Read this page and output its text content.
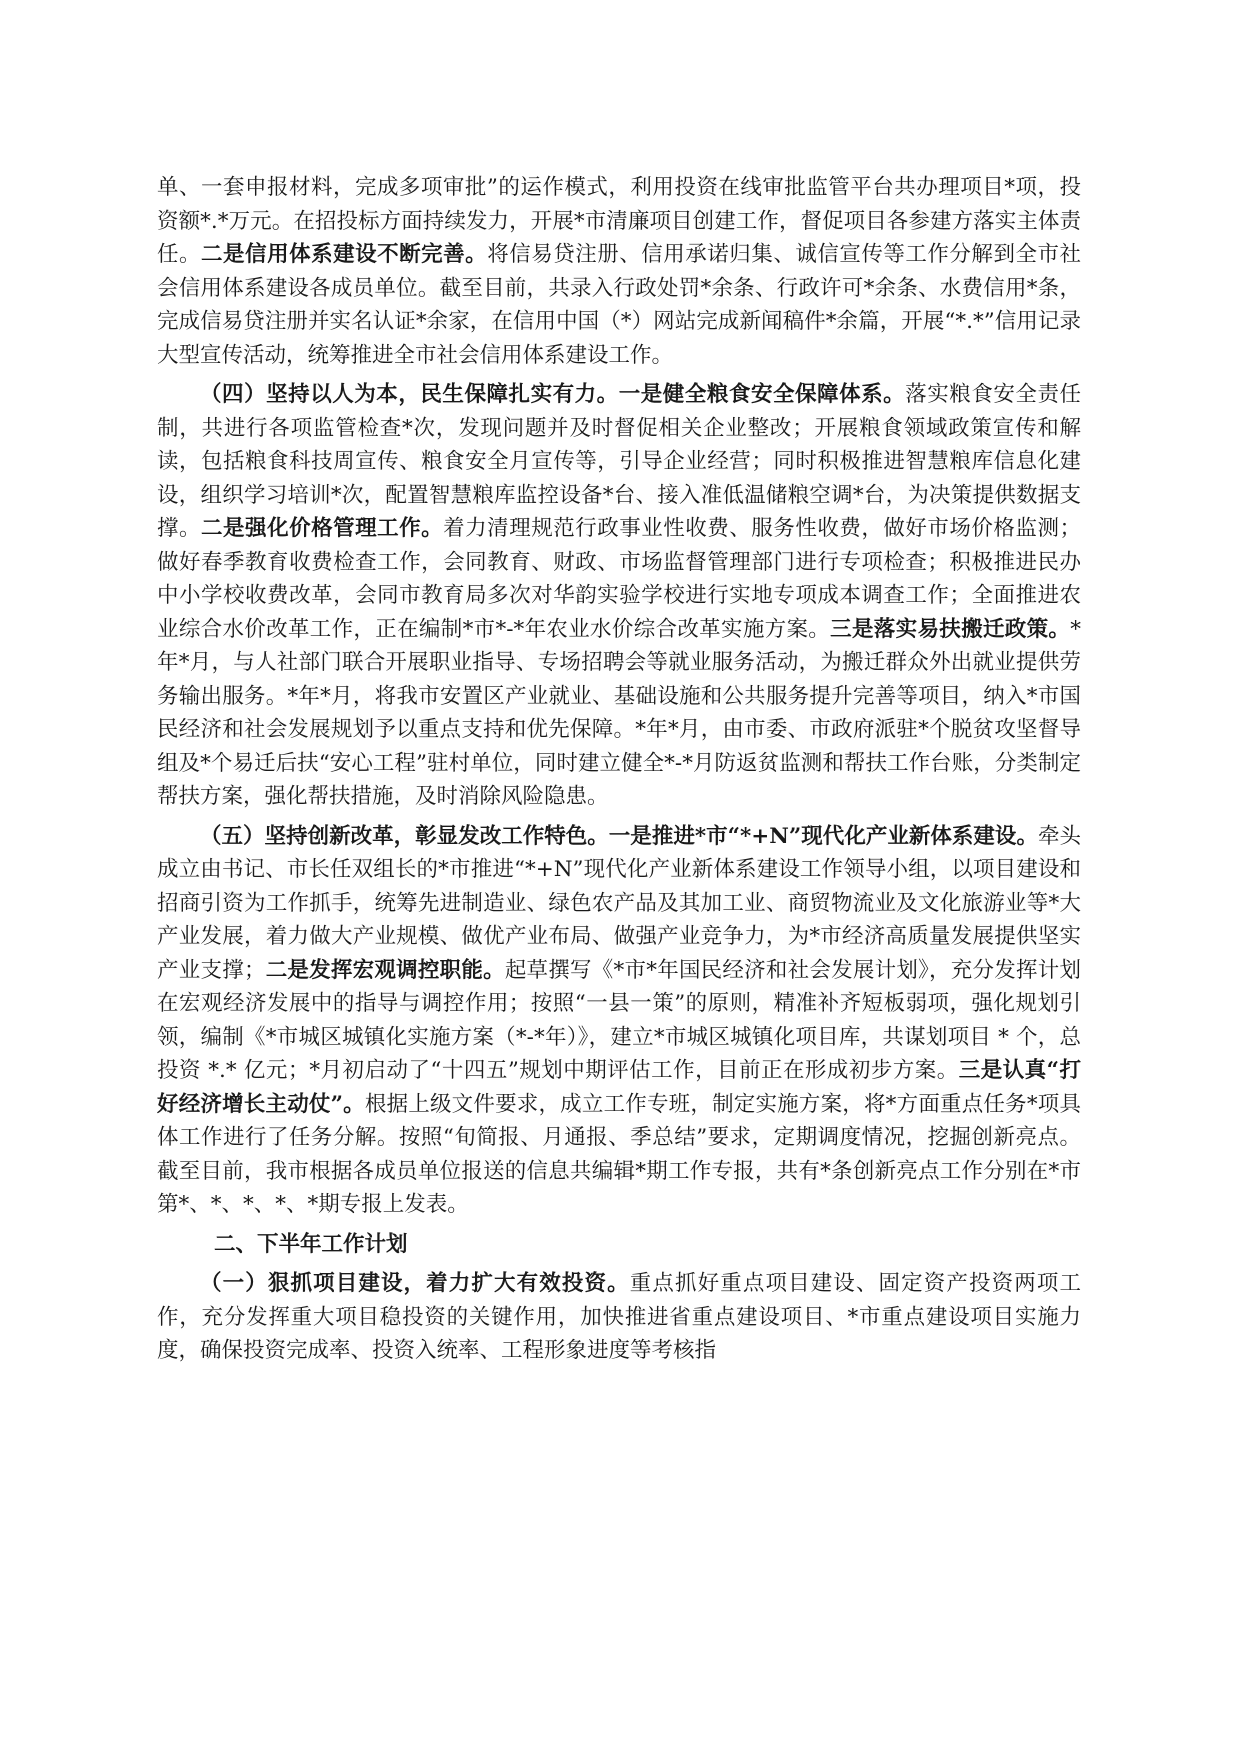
单、一套申报材料，完成多项审批”的运作模式，利用投资在线审批监管平台共办理项目*项，投资额*.*万元。在招投标方面持续发力，开展*市清廉项目创建工作，督促项目各参建方落实主体责任。二是信用体系建设不断完善。将信易贷注册、信用承诺归集、诚信宣传等工作分解到全市社会信用体系建设各成员单位。截至目前，共录入行政处罚*余条、行政许可*余条、水费信用*条，完成信易贷注册并实名认证*余家，在信用中国（*）网站完成新闻稿件*余篇，开展“*.*”信用记录大型宣传活动，统筹推进全市社会信用体系建设工作。

（四）坚持以人为本，民生保障扎实有力。一是健全粮食安全保障体系。落实粮食安全责任制，共进行各项监管检查*次，发现问题并及时督促相关企业整改；开展粮食领域政策宣传和解读，包括粮食科技周宣传、粮食安全月宣传等，引导企业经营；同时积极推进智慧粮库信息化建设，组织学习培训*次，配置智慧粮库监控设备*台、接入准低温储粮空调*台，为决策提供数据支撑。二是强化价格管理工作。着力清理规范行政事业性收费、服务性收费，做好市场价格监测；做好春季教育收费检查工作，会同教育、财政、市场监督管理部门进行专项检查；积极推进民办中小学校收费改革，会同市教育局多次对华韵实验学校进行实地专项成本调查工作；全面推进农业综合水价改革工作，正在编制*市*-*年农业水价综合改革实施方案。三是落实易扶搬迁政策。*年*月，与人社部门联合开展职业指导、专场招聘会等就业服务活动，为搬迁群众外出就业提供劳务输出服务。*年*月，将我市安置区产业就业、基础设施和公共服务提升完善等项目，纳入*市国民经济和社会发展规划予以重点支持和优先保障。*年*月，由市委、市政府派驻*个脱贫攻坚督导组及*个易迁后扶“安心工程”驻村单位，同时建立健全*-*月防返贫监测和帮扶工作台账，分类制定帮扶方案，强化帮扶措施，及时消除风险隐患。

（五）坚持创新改革，彰显发改工作特色。一是推进*市“*+N”现代化产业新体系建设。牵头成立由书记、市长任双组长的*市推进“*+N”现代化产业新体系建设工作领导小组，以项目建设和招商引资为工作抓手，统筹先进制造业、绿色农产品及其加工业、商贸物流业及文化旅游业等*大产业发展，着力做大产业规模、做优产业布局、做强产业竞争力，为*市经济高质量发展提供坚实产业支撑；二是发挥宏观调控职能。起草撰写《*市*年国民经济和社会发展计划》，充分发挥计划在宏观经济发展中的指导与调控作用；按照“一县一策”的原则，精准补齐短板弱项，强化规划引领，编制《*市城区城镇化实施方案（*-*年）》，建立*市城区城镇化项目库，共谋划项目 * 个，总投资 *.* 亿元；*月初启动了“十四五”规划中期评估工作，目前正在形成初步方案。三是认真“打好经济增长主动仗”。根据上级文件要求，成立工作专班，制定实施方案，将*方面重点任务*项具体工作进行了任务分解。按照“旬简报、月通报、季总结”要求，定期调度情况，挖掘创新亮点。截至目前，我市根据各成员单位报送的信息共编辑*期工作专报，共有*条创新亮点工作分别在*市第*、*、*、*、*期专报上发表。

二、下半年工作计划

（一）狠抓项目建设，着力扩大有效投资。重点抓好重点项目建设、固定资产投资两项工作，充分发挥重大项目稳投资的关键作用，加快推进省重点建设项目、*市重点建设项目实施力度，确保投资完成率、投资入统率、工程形象进度等考核指
